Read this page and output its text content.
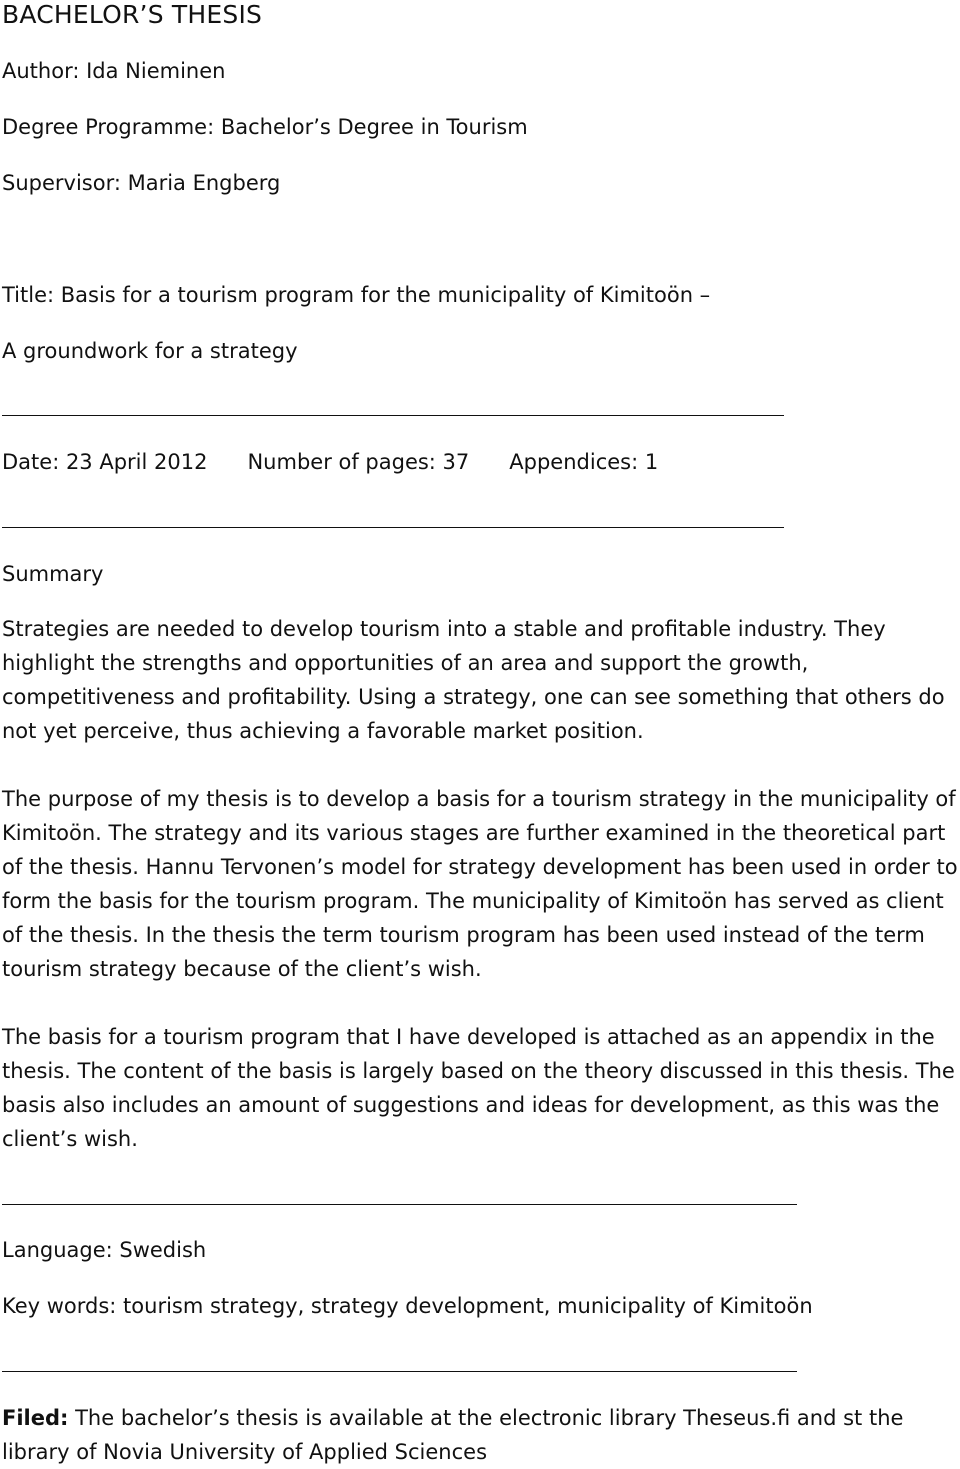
BACHELOR’S THESIS

Author: Ida Nieminen

Degree Programme: Bachelor’s Degree in Tourism

Supervisor: Maria Engberg

Title: Basis for a tourism program for the municipality of Kimitoön –

A groundwork for a strategy

Date: 23 April 2012 Number of pages: 37 Appendices: 1

Summary

Strategies are needed to develop tourism into a stable and profitable industry. They highlight the strengths and opportunities of an area and support the growth, competitiveness and profitability. Using a strategy, one can see something that others do not yet perceive, thus achieving a favorable market position.

The purpose of my thesis is to develop a basis for a tourism strategy in the municipality of Kimitoön. The strategy and its various stages are further examined in the theoretical part of the thesis. Hannu Tervonen’s model for strategy development has been used in order to form the basis for the tourism program. The municipality of Kimitoön has served as client of the thesis. In the thesis the term tourism program has been used instead of the term tourism strategy because of the client’s wish.

The basis for a tourism program that I have developed is attached as an appendix in the thesis. The content of the basis is largely based on the theory discussed in this thesis. The basis also includes an amount of suggestions and ideas for development, as this was the client’s wish.

Language: Swedish

Key words: tourism strategy, strategy development, municipality of Kimitoön

Filed: The bachelor’s thesis is available at the electronic library Theseus.fi and st the library of Novia University of Applied Sciences
